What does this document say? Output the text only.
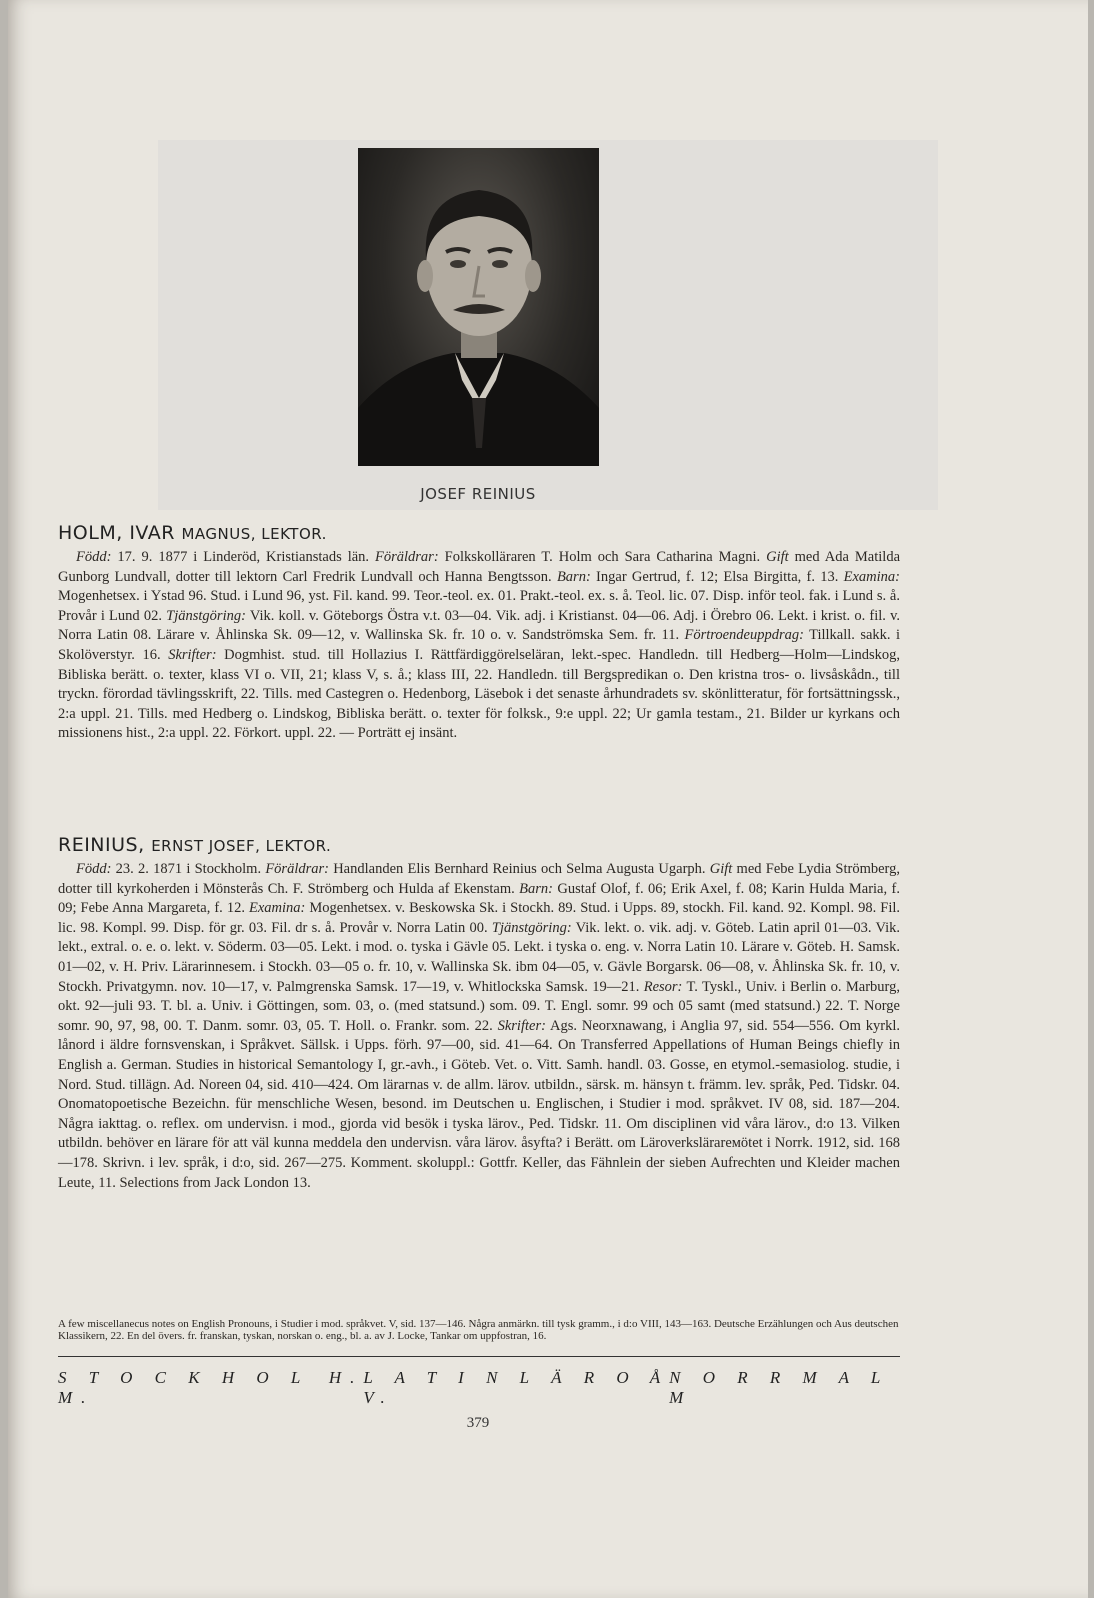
JOSEF REINIUS
HOLM, IVAR MAGNUS, LEKTOR.

Född: 17. 9. 1877 i Linderöd, Kristianstads län. Föräldrar: Folkskolläraren T. Holm och Sara Catharina Magni. Gift med Ada Matilda Gunborg Lundvall, dotter till lektorn Carl Fredrik Lundvall och Hanna Bengtsson. Barn: Ingar Gertrud, f. 12; Elsa Birgitta, f. 13. Examina: Mogenhetsex. i Ystad 96. Stud. i Lund 96, yst. Fil. kand. 99. Teor.-teol. ex. 01. Prakt.-teol. ex. s. å. Teol. lic. 07. Disp. inför teol. fak. i Lund s. å. Provår i Lund 02. Tjänstgöring: Vik. koll. v. Göteborgs Östra v.t. 03—04. Vik. adj. i Kristianst. 04—06. Adj. i Örebro 06. Lekt. i krist. o. fil. v. Norra Latin 08. Lärare v. Åhlinska Sk. 09—12, v. Wallinska Sk. fr. 10 o. v. Sandströmska Sem. fr. 11. Förtroendeuppdrag: Tillkall. sakk. i Skolöverstyr. 16. Skrifter: Dogmhist. stud. till Hollazius I. Rättfärdiggörelseläran, lekt.-spec. Handledn. till Hedberg—Holm—Lindskog, Bibliska berätt. o. texter, klass VI o. VII, 21; klass V, s. å.; klass III, 22. Handledn. till Bergspredikan o. Den kristna tros- o. livsåskådn., till tryckn. förordad tävlingsskrift, 22. Tills. med Castegren o. Hedenborg, Läsebok i det senaste århundradets sv. skönlitteratur, för fortsättningssk., 2:a uppl. 21. Tills. med Hedberg o. Lindskog, Bibliska berätt. o. texter för folksk., 9:e uppl. 22; Ur gamla testam., 21. Bilder ur kyrkans och missionens hist., 2:a uppl. 22. Förkort. uppl. 22. — Porträtt ej insänt.

REINIUS, ERNST JOSEF, LEKTOR.

Född: 23. 2. 1871 i Stockholm. Föräldrar: Handlanden Elis Bernhard Reinius och Selma Augusta Ugarph. Gift med Febe Lydia Strömberg, dotter till kyrkoherden i Mönsterås Ch. F. Strömberg och Hulda af Ekenstam. Barn: Gustaf Olof, f. 06; Erik Axel, f. 08; Karin Hulda Maria, f. 09; Febe Anna Margareta, f. 12. Examina: Mogenhetsex. v. Beskowska Sk. i Stockh. 89. Stud. i Upps. 89, stockh. Fil. kand. 92. Kompl. 98. Fil. lic. 98. Kompl. 99. Disp. för gr. 03. Fil. dr s. å. Provår v. Norra Latin 00. Tjänstgöring: Vik. lekt. o. vik. adj. v. Göteb. Latin april 01—03. Vik. lekt., extral. o. e. o. lekt. v. Söderm. 03—05. Lekt. i mod. o. tyska i Gävle 05. Lekt. i tyska o. eng. v. Norra Latin 10. Lärare v. Göteb. H. Samsk. 01—02, v. H. Priv. Lärarinnesem. i Stockh. 03—05 o. fr. 10, v. Wallinska Sk. ibm 04—05, v. Gävle Borgarsk. 06—08, v. Åhlinska Sk. fr. 10, v. Stockh. Privatgymn. nov. 10—17, v. Palmgrenska Samsk. 17—19, v. Whitlockska Samsk. 19—21. Resor: T. Tyskl., Univ. i Berlin o. Marburg, okt. 92—juli 93. T. bl. a. Univ. i Göttingen, som. 03, o. (med statsund.) som. 09. T. Engl. somr. 99 och 05 samt (med statsund.) 22. T. Norge somr. 90, 97, 98, 00. T. Danm. somr. 03, 05. T. Holl. o. Frankr. som. 22. Skrifter: Ags. Neorxnawang, i Anglia 97, sid. 554—556. Om kyrkl. lånord i äldre fornsvenskan, i Språkvet. Sällsk. i Upps. förh. 97—00, sid. 41—64. On Transferred Appellations of Human Beings chiefly in English a. German. Studies in historical Semantology I, gr.-avh., i Göteb. Vet. o. Vitt. Samh. handl. 03. Gosse, en etymol.-semasiolog. studie, i Nord. Stud. tillägn. Ad. Noreen 04, sid. 410—424. Om lärarnas v. de allm. lärov. utbildn., särsk. m. hänsyn t. främm. lev. språk, Ped. Tidskr. 04. Onomatopoetische Bezeichn. für menschliche Wesen, besond. im Deutschen u. Englischen, i Studier i mod. språkvet. IV 08, sid. 187—204. Några iakttag. o. reflex. om undervisn. i mod., gjorda vid besök i tyska lärov., Ped. Tidskr. 11. Om disciplinen vid våra lärov., d:o 13. Vilken utbildn. behöver en lärare för att väl kunna meddela den undervisn. våra lärov. åsyfta? i Berätt. om Läroverkslärareмötet i Norrk. 1912, sid. 168—178. Skrivn. i lev. språk, i d:o, sid. 267—275. Komment. skoluppl.: Gottfr. Keller, das Fähnlein der sieben Aufrechten und Kleider machen Leute, 11. Selections from Jack London 13.

A few miscellanecus notes on English Pronouns, i Studier i mod. språkvet. V, sid. 137—146. Några anmärkn. till tysk gramm., i d:o VIII, 143—163. Deutsche Erzählungen och Aus deutschen Klassikern, 22. En del övers. fr. franskan, tyskan, norskan o. eng., bl. a. av J. Locke, Tankar om uppfostran, 16.
S T O C K H O L M.
H. L A T I N L Ä R O V.
Å N O R R M A L M
379
